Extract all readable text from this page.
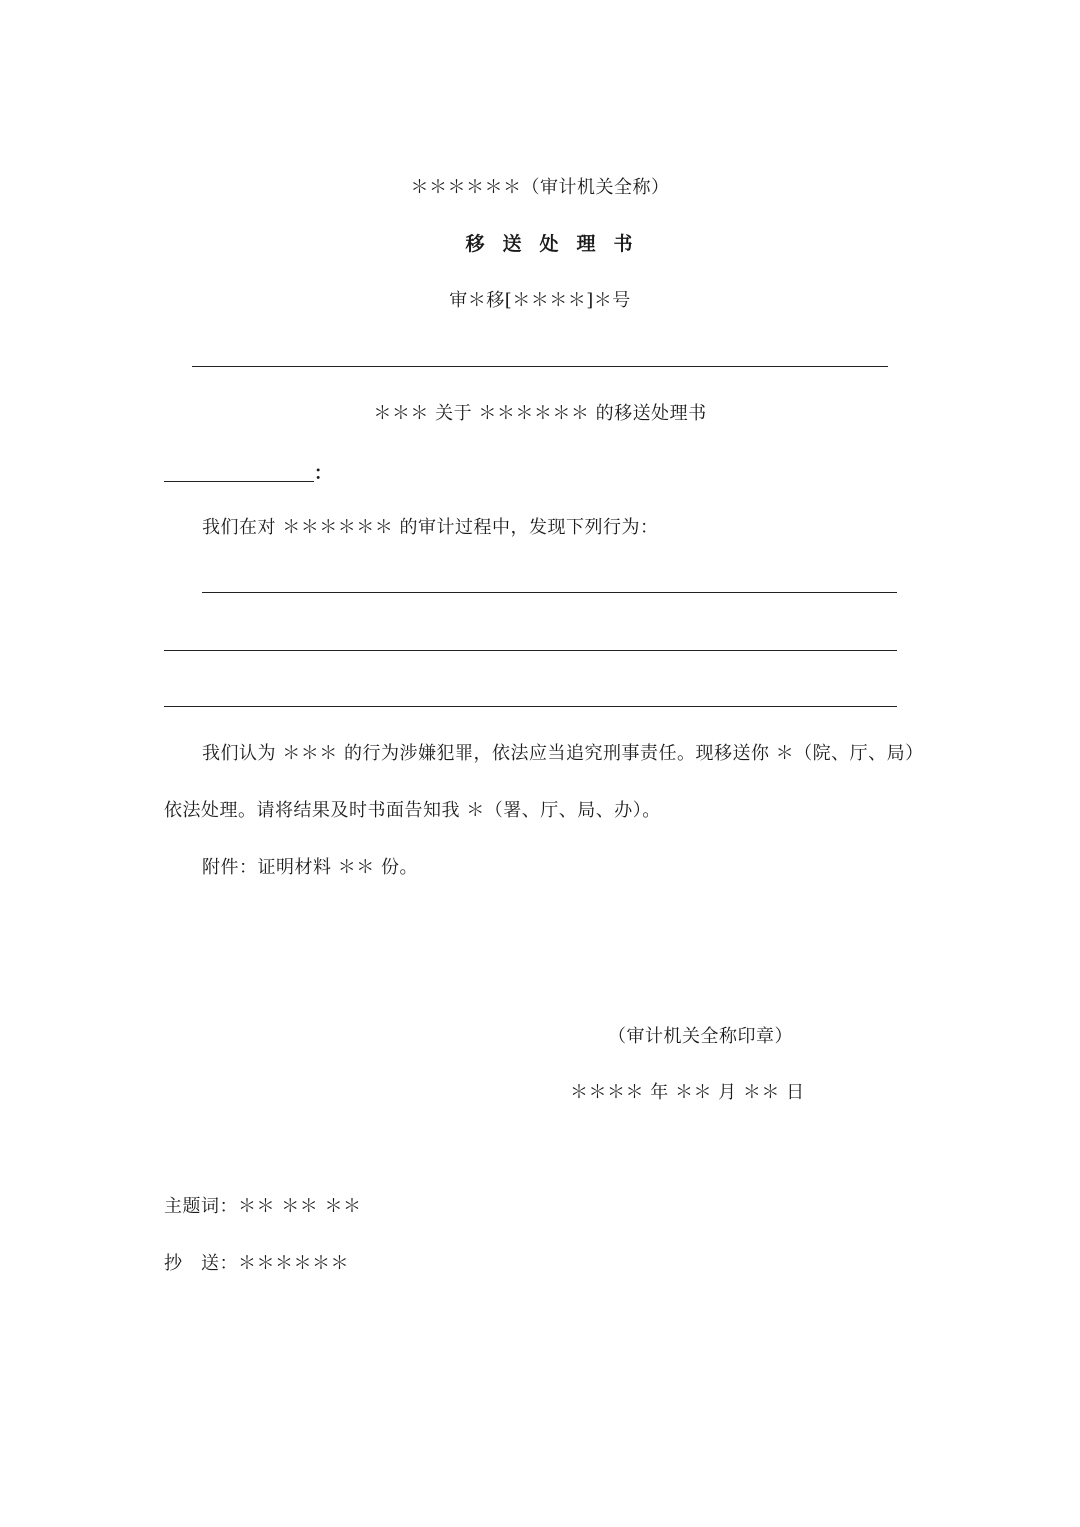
＊＊＊＊＊＊（审计机关全称）
移送处理书
审＊移[＊＊＊＊]＊号
＊＊＊ 关于 ＊＊＊＊＊＊ 的移送处理书
：
我们在对 ＊＊＊＊＊＊ 的审计过程中，发现下列行为：
我们认为 ＊＊＊ 的行为涉嫌犯罪，依法应当追究刑事责任。现移送你 ＊（院、厅、局）
依法处理。请将结果及时书面告知我 ＊（署、厅、局、办）。
附件：证明材料 ＊＊ 份。
（审计机关全称印章）
＊＊＊＊ 年 ＊＊ 月 ＊＊ 日
主题词：＊＊ ＊＊ ＊＊
抄　送：＊＊＊＊＊＊
